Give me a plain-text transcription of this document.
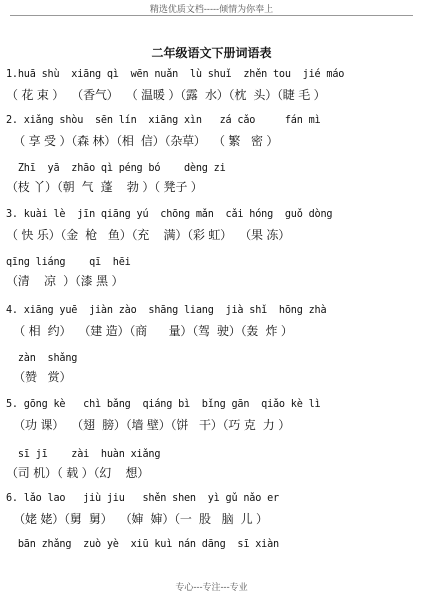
精选优质文档-----倾情为你奉上
二年级语文下册词语表
1.huā shù  xiāng qì  wēn nuǎn  lù shuǐ  zhěn tou  jié máo
（ 花 束 ）  （香气）  （ 温暖 ）（露  水）（枕  头）（睫 毛 ）
2. xiǎng shòu  sēn lín  xiāng xìn   zá cǎo     fán mì
（ 享 受 ）（森 林）（相  信）（杂草）  （ 繁   密 ）
Zhī  yā  zhāo qì péng bó    dèng zi
（枝 丫）（朝  气  蓬    勃 ）（ 凳子 ）
3. kuài lè  jīn qiāng yú  chōng mǎn  cǎi hóng  guǒ dòng
（ 快 乐）（金  枪   鱼）（充    满）（彩 虹）  （果 冻）
qīng liáng    qī  hēi
（清    凉  ）（漆 黑 ）
4. xiāng yuē  jiàn zào  shāng liang  jià shǐ  hōng zhà
（ 相  约）  （建 造）（商      量）（驾  驶）（轰  炸 ）
zàn  shǎng
（赞   赏）
5. gōng kè   chì bǎng  qiáng bì  bǐng gān  qiǎo kè lì
（功 课）  （翅  膀）（墙 壁）（饼   干）（巧 克  力 ）
sī jī    zài  huàn xiǎng
（司 机）（ 载 ）（幻    想）
6. lǎo lao   jiù jiu   shěn shen  yì gǔ nǎo er
（姥 姥）（舅  舅）  （婶  婶）（一  股   脑  儿 ）
bān zhǎng  zuò yè  xiū kuì nán dāng  sī xiàn
专心---专注---专业
